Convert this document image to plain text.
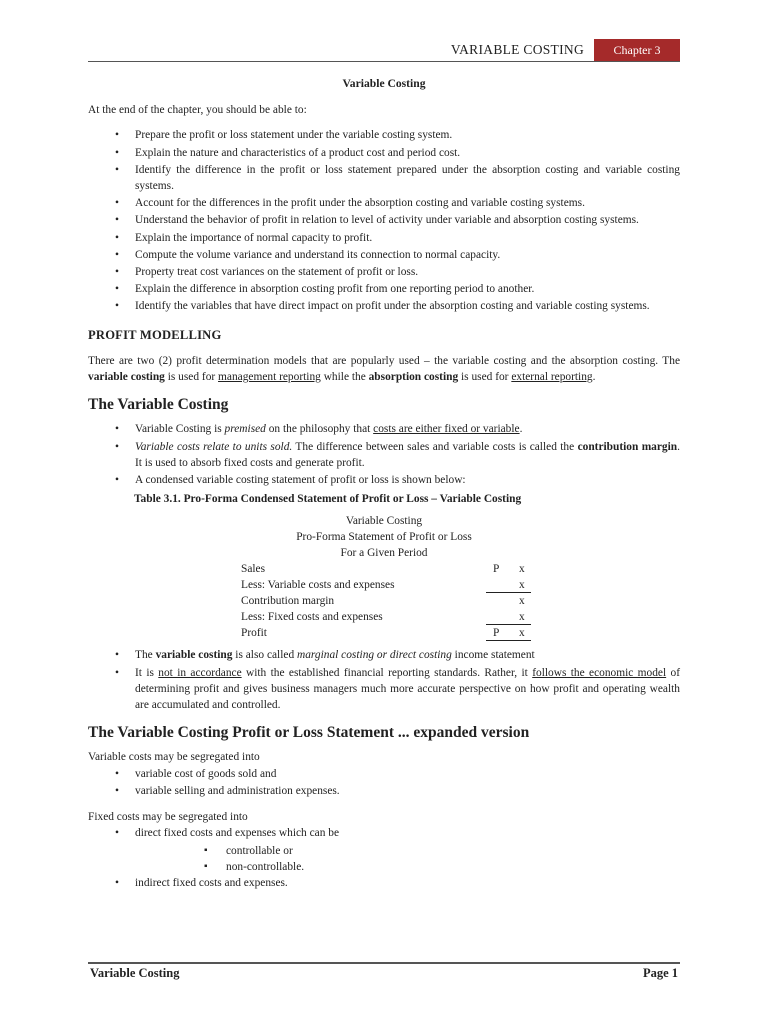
VARIABLE COSTING	Chapter 3
Variable Costing

At the end of the chapter, you should be able to:

• Prepare the profit or loss statement under the variable costing system.
• Explain the nature and characteristics of a product cost and period cost.
• Identify the difference in the profit or loss statement prepared under the absorption costing and variable costing systems.
• Account for the differences in the profit under the absorption costing and variable costing systems.
• Understand the behavior of profit in relation to level of activity under variable and absorption costing systems.
• Explain the importance of normal capacity to profit.
• Compute the volume variance and understand its connection to normal capacity.
• Property treat cost variances on the statement of profit or loss.
• Explain the difference in absorption costing profit from one reporting period to another.
• Identify the variables that have direct impact on profit under the absorption costing and variable costing systems.
PROFIT MODELLING

There are two (2) profit determination models that are popularly used – the variable costing and the absorption costing. The variable costing is used for management reporting while the absorption costing is used for external reporting.

The Variable Costing
• Variable Costing is premised on the philosophy that costs are either fixed or variable.
• Variable costs relate to units sold. The difference between sales and variable costs is called the contribution margin. It is used to absorb fixed costs and generate profit.
• A condensed variable costing statement of profit or loss is shown below:
Table 3.1. Pro-Forma Condensed Statement of Profit or Loss – Variable Costing
Variable Costing
Pro-Forma Statement of Profit or Loss
For a Given Period
Sales	P x
Less: Variable costs and expenses	x
Contribution margin	x
Less: Fixed costs and expenses	x
Profit	P x
• The variable costing is also called marginal costing or direct costing income statement
• It is not in accordance with the established financial reporting standards. Rather, it follows the economic model of determining profit and gives business managers much more accurate perspective on how profit and operating wealth are accumulated and controlled.
The Variable Costing Profit or Loss Statement ... expanded version

Variable costs may be segregated into

• variable cost of goods sold and
• variable selling and administration expenses.

Fixed costs may be segregated into

• direct fixed costs and expenses which can be
▪ controllable or
▪ non-controllable.
• indirect fixed costs and expenses.
Variable Costing	Page 1
